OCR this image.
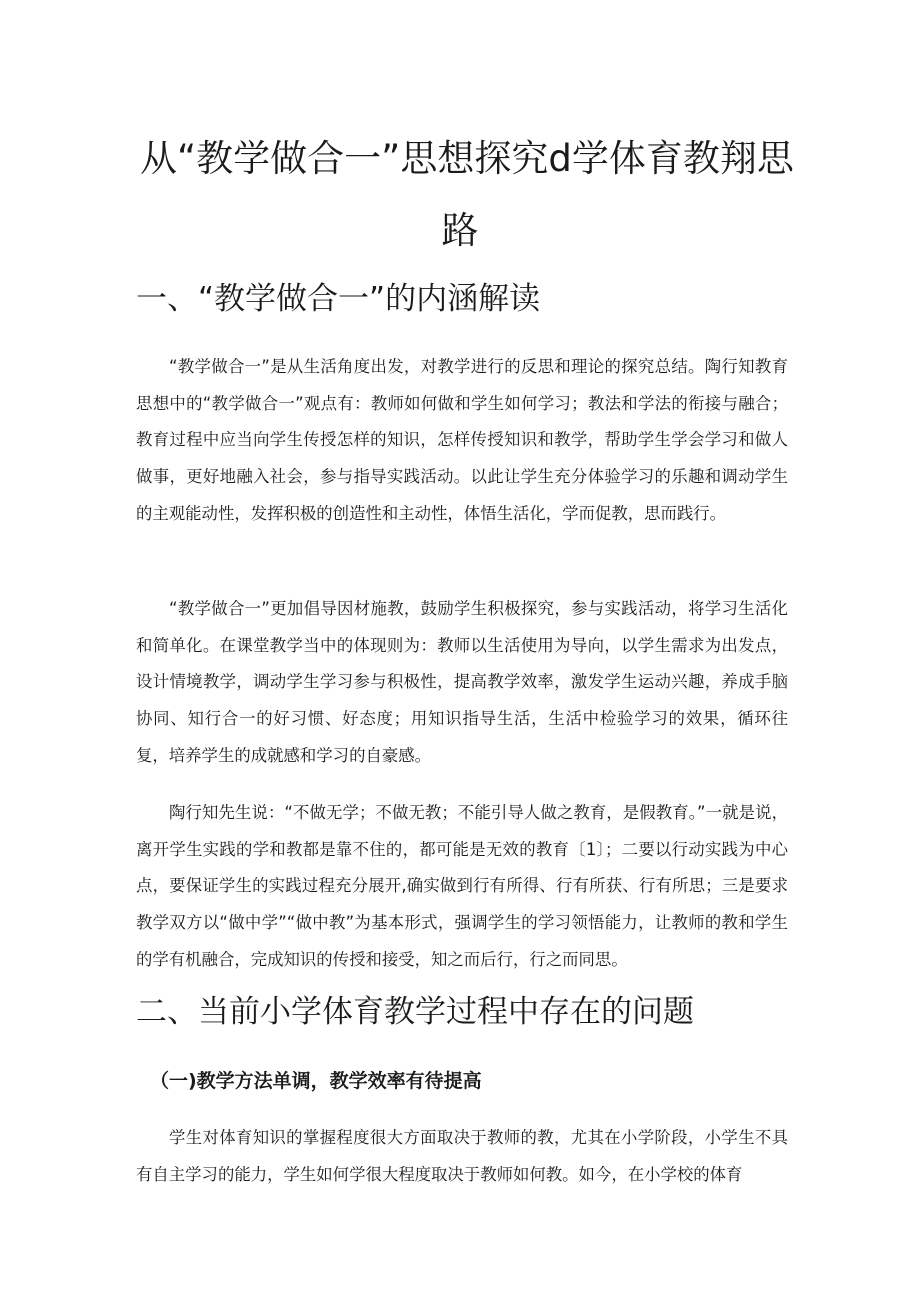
从“教学做合一”思想探究d学体育教翔思
路
一、“教学做合一”的内涵解读

“教学做合一”是从生活角度出发，对教学进行的反思和理论的探究总结。陶行知教育思想中的“教学做合一”观点有：教师如何做和学生如何学习；教法和学法的衔接与融合；教育过程中应当向学生传授怎样的知识，怎样传授知识和教学，帮助学生学会学习和做人做事，更好地融入社会，参与指导实践活动。以此让学生充分体验学习的乐趣和调动学生的主观能动性，发挥积极的创造性和主动性，体悟生活化，学而促教，思而践行。

“教学做合一”更加倡导因材施教，鼓励学生积极探究，参与实践活动，将学习生活化和简单化。在课堂教学当中的体现则为：教师以生活使用为导向，以学生需求为出发点，设计情境教学，调动学生学习参与积极性，提高教学效率，激发学生运动兴趣，养成手脑协同、知行合一的好习惯、好态度；用知识指导生活，生活中检验学习的效果，循环往复，培养学生的成就感和学习的自豪感。

陶行知先生说：“不做无学；不做无教；不能引导人做之教育，是假教育。”一就是说，离开学生实践的学和教都是靠不住的，都可能是无效的教育〔1〕；二要以行动实践为中心点，要保证学生的实践过程充分展开,确实做到行有所得、行有所获、行有所思；三是要求教学双方以“做中学”“做中教”为基本形式，强调学生的学习领悟能力，让教师的教和学生的学有机融合，完成知识的传授和接受，知之而后行，行之而同思。

二、当前小学体育教学过程中存在的问题
（一)教学方法单调，教学效率有待提高

学生对体育知识的掌握程度很大方面取决于教师的教，尤其在小学阶段，小学生不具有自主学习的能力，学生如何学很大程度取决于教师如何教。如今，在小学校的体育
